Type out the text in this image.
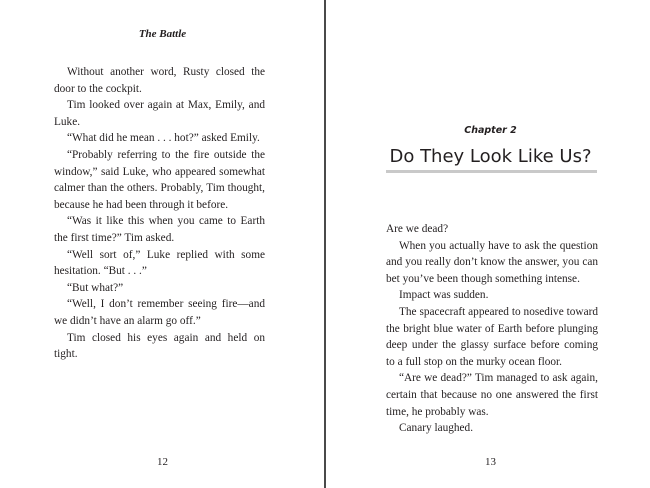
The Battle

Without another word, Rusty closed the door to the cockpit.

Tim looked over again at Max, Emily, and Luke.

“What did he mean . . . hot?” asked Emily.

“Probably referring to the fire outside the window,” said Luke, who appeared somewhat calmer than the others. Probably, Tim thought, because he had been through it before.

“Was it like this when you came to Earth the first time?” Tim asked.

“Well sort of,” Luke replied with some hesitation. “But . . .”

“But what?”

“Well, I don’t remember seeing fire—and we didn’t have an alarm go off.”

Tim closed his eyes again and held on tight.

12
Chapter 2
Do They Look Like Us?

Are we dead?

When you actually have to ask the question and you really don’t know the answer, you can bet you’ve been though something intense.

Impact was sudden.

The spacecraft appeared to nosedive toward the bright blue water of Earth before plunging deep under the glassy surface before coming to a full stop on the murky ocean floor.

“Are we dead?” Tim managed to ask again, certain that because no one answered the first time, he probably was.

Canary laughed.

13
